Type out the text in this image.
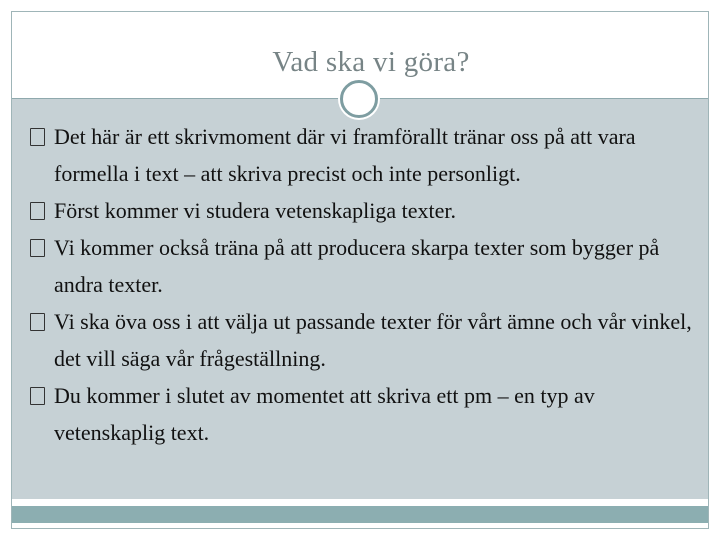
Vad ska vi göra?
Det här är ett skrivmoment där vi framförallt tränar oss på att vara formella i text – att skriva precist och inte personligt.
Först kommer vi studera vetenskapliga texter.
Vi kommer också träna på att producera skarpa texter som bygger på andra texter.
Vi ska öva oss i att välja ut passande texter för vårt ämne och vår vinkel, det vill säga vår frågeställning.
Du kommer i slutet av momentet att skriva ett pm – en typ av vetenskaplig text.
